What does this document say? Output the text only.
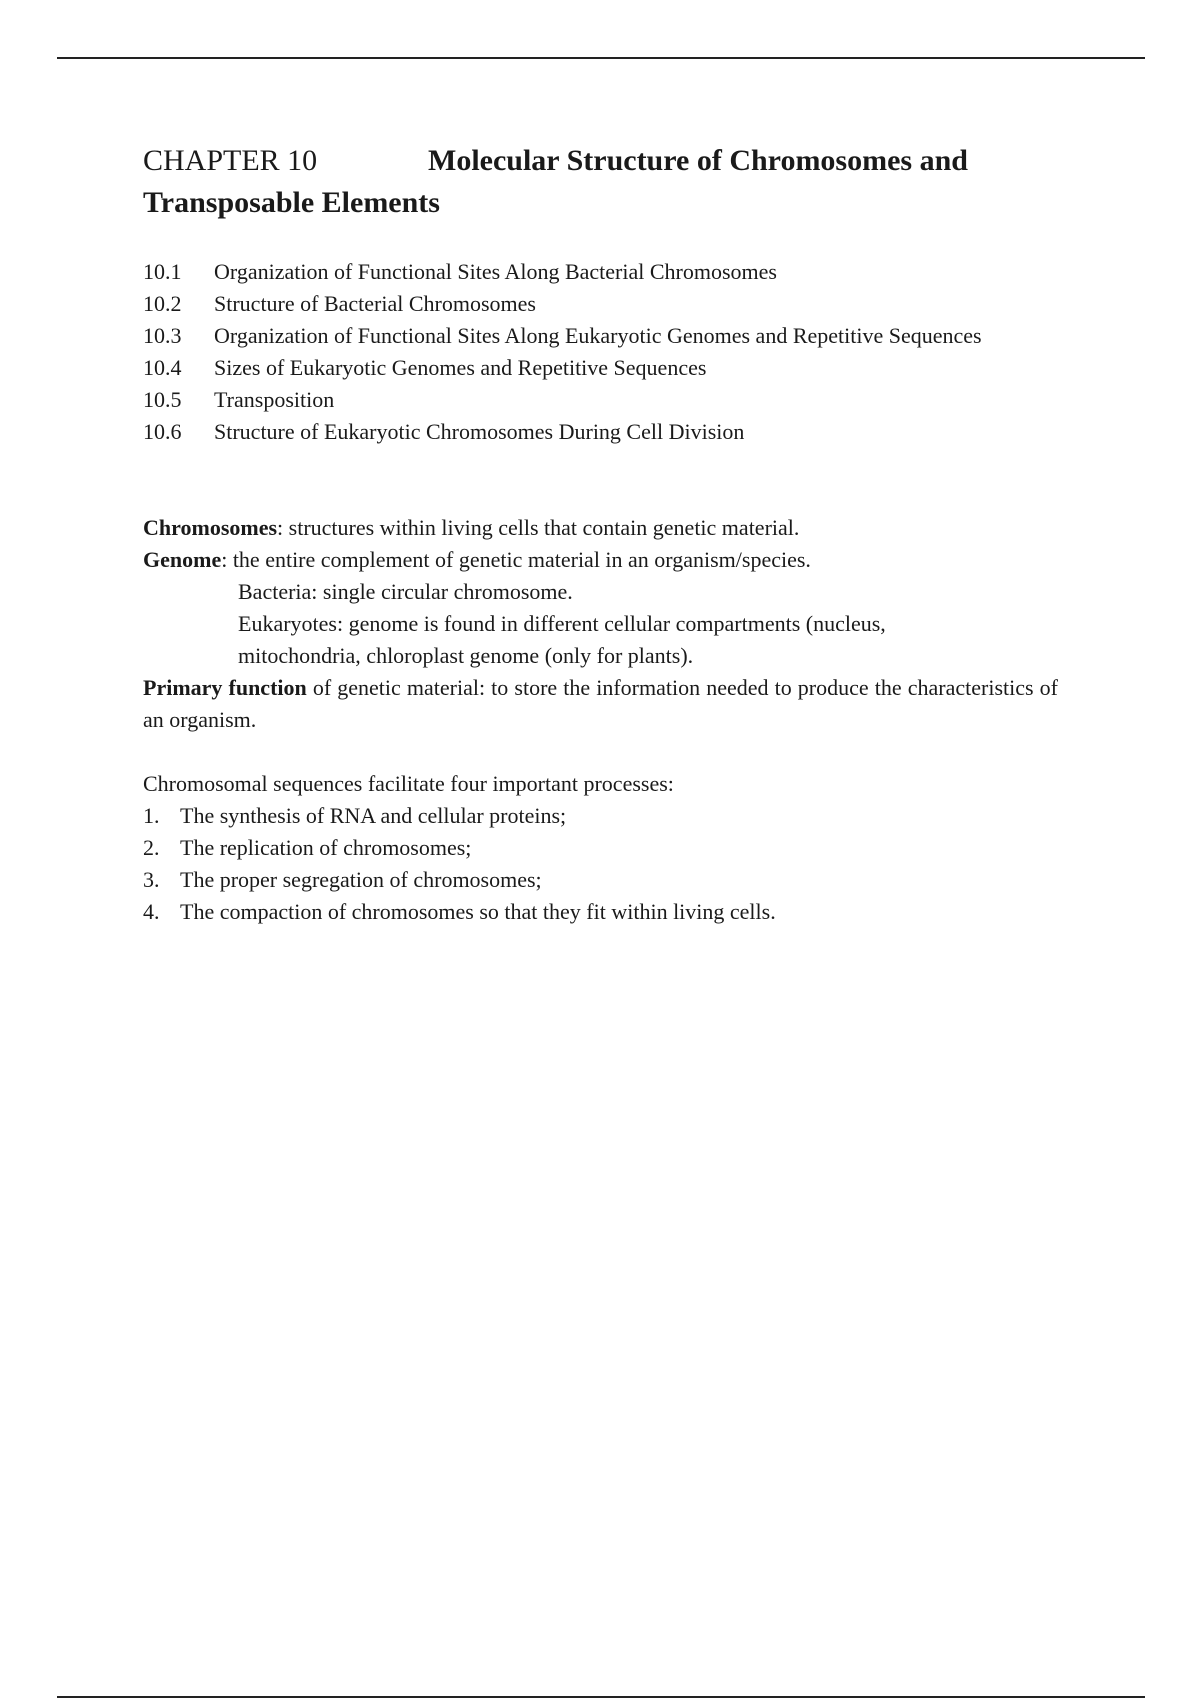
CHAPTER 10	Molecular Structure of Chromosomes and Transposable Elements
10.1	Organization of Functional Sites Along Bacterial Chromosomes
10.2	Structure of Bacterial Chromosomes
10.3	Organization of Functional Sites Along Eukaryotic Genomes and Repetitive Sequences
10.4	Sizes of Eukaryotic Genomes and Repetitive Sequences
10.5	Transposition
10.6	Structure of Eukaryotic Chromosomes During Cell Division

Chromosomes: structures within living cells that contain genetic material.

Genome: the entire complement of genetic material in an organism/species.

Bacteria: single circular chromosome.

Eukaryotes: genome is found in different cellular compartments (nucleus,

mitochondria, chloroplast genome (only for plants).

Primary function of genetic material: to store the information needed to produce the characteristics of an organism.

Chromosomal sequences facilitate four important processes:

1. The synthesis of RNA and cellular proteins;
2. The replication of chromosomes;
3. The proper segregation of chromosomes;
4. The compaction of chromosomes so that they fit within living cells.
